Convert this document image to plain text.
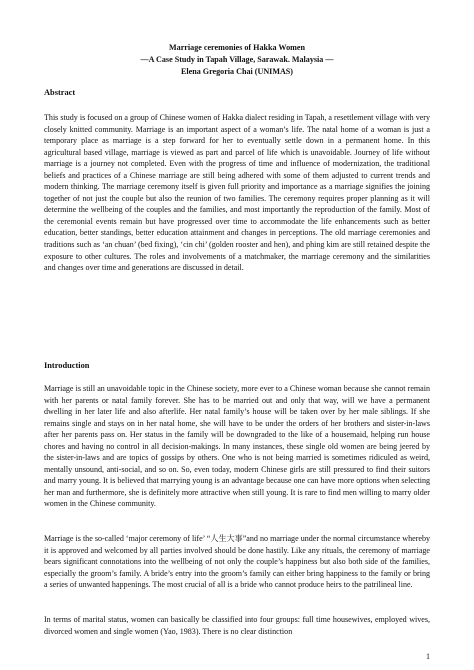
Marriage ceremonies of Hakka Women
—A Case Study in Tapah Village, Sarawak. Malaysia —
Elena Gregoria Chai (UNIMAS)
Abstract

This study is focused on a group of Chinese women of Hakka dialect residing in Tapah, a resettlement village with very closely knitted community. Marriage is an important aspect of a woman’s life. The natal home of a woman is just a temporary place as marriage is a step forward for her to eventually settle down in a permanent home. In this agricultural based village, marriage is viewed as part and parcel of life which is unavoidable. Journey of life without marriage is a journey not completed. Even with the progress of time and influence of modernization, the traditional beliefs and practices of a Chinese marriage are still being adhered with some of them adjusted to current trends and modern thinking. The marriage ceremony itself is given full priority and importance as a marriage signifies the joining together of not just the couple but also the reunion of two families. The ceremony requires proper planning as it will determine the wellbeing of the couples and the families, and most importantly the reproduction of the family. Most of the ceremonial events remain but have progressed over time to accommodate the life enhancements such as better education, better standings, better education attainment and changes in perceptions. The old marriage ceremonies and traditions such as ‘an chuan’ (bed fixing), ‘cin chi’ (golden rooster and hen), and phing kim are still retained despite the exposure to other cultures. The roles and involvements of a matchmaker, the marriage ceremony and the similarities and changes over time and generations are discussed in detail.

Introduction

Marriage is still an unavoidable topic in the Chinese society, more ever to a Chinese woman because she cannot remain with her parents or natal family forever. She has to be married out and only that way, will we have a permanent dwelling in her later life and also afterlife. Her natal family’s house will be taken over by her male siblings. If she remains single and stays on in her natal home, she will have to be under the orders of her brothers and sister-in-laws after her parents pass on. Her status in the family will be downgraded to the like of a housemaid, helping run house chores and having no control in all decision-makings. In many instances, these single old women are being jeered by the sister-in-laws and are topics of gossips by others. One who is not being married is sometimes ridiculed as weird, mentally unsound, anti-social, and so on. So, even today, modern Chinese girls are still pressured to find their suitors and marry young. It is believed that marrying young is an advantage because one can have more options when selecting her man and furthermore, she is definitely more attractive when still young. It is rare to find men willing to marry older women in the Chinese community.

Marriage is the so-called ‘major ceremony of life’ “人生大事”and no marriage under the normal circumstance whereby it is approved and welcomed by all parties involved should be done hastily. Like any rituals, the ceremony of marriage bears significant connotations into the wellbeing of not only the couple’s happiness but also both side of the families, especially the groom’s family. A bride’s entry into the groom’s family can either bring happiness to the family or bring a series of unwanted happenings. The most crucial of all is a bride who cannot produce heirs to the patrilineal line.

In terms of marital status, women can basically be classified into four groups: full time housewives, employed wives, divorced women and single women (Yao, 1983). There is no clear distinction

1
